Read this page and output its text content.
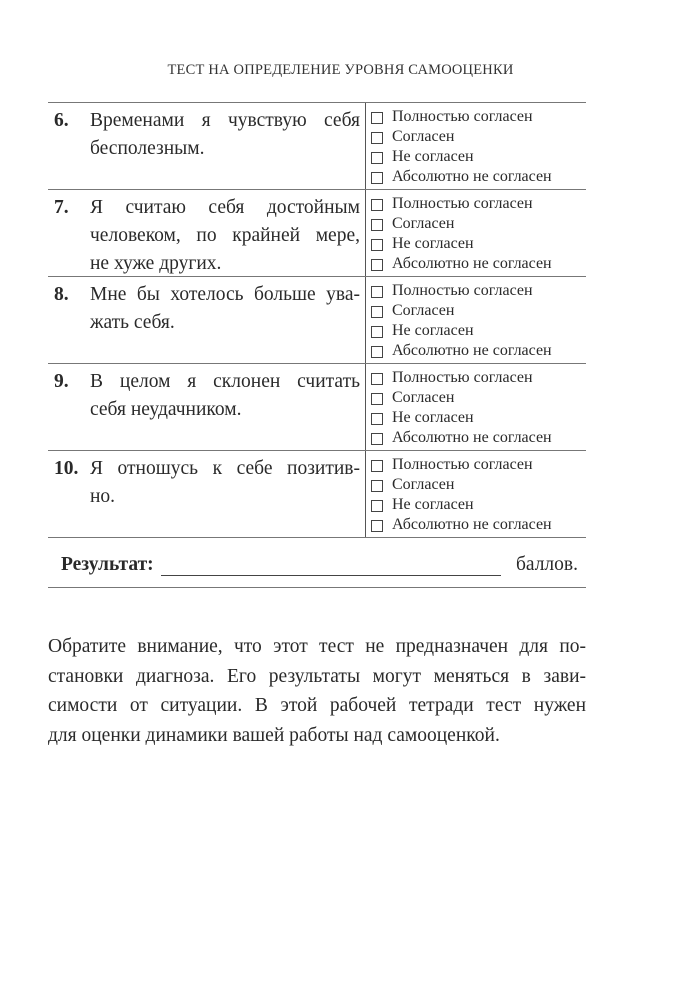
ТЕСТ НА ОПРЕДЕЛЕНИЕ УРОВНЯ САМООЦЕНКИ
6. Временами я чувствую себя
бесполезным.
Полностью согласен
Согласен
Не согласен
Абсолютно не согласен
7. Я считаю себя достойным
человеком, по крайней мере,
не хуже других.
Полностью согласен
Согласен
Не согласен
Абсолютно не согласен
8. Мне бы хотелось больше ува-
жать себя.
Полностью согласен
Согласен
Не согласен
Абсолютно не согласен
9. В целом я склонен считать
себя неудачником.
Полностью согласен
Согласен
Не согласен
Абсолютно не согласен
10. Я отношусь к себе позитив-
но.
Полностью согласен
Согласен
Не согласен
Абсолютно не согласен
Результат:	баллов.
Обратите внимание, что этот тест не предназначен для по-
становки диагноза. Его результаты могут меняться в зави-
симости от ситуации. В этой рабочей тетради тест нужен
для оценки динамики вашей работы над самооценкой.
